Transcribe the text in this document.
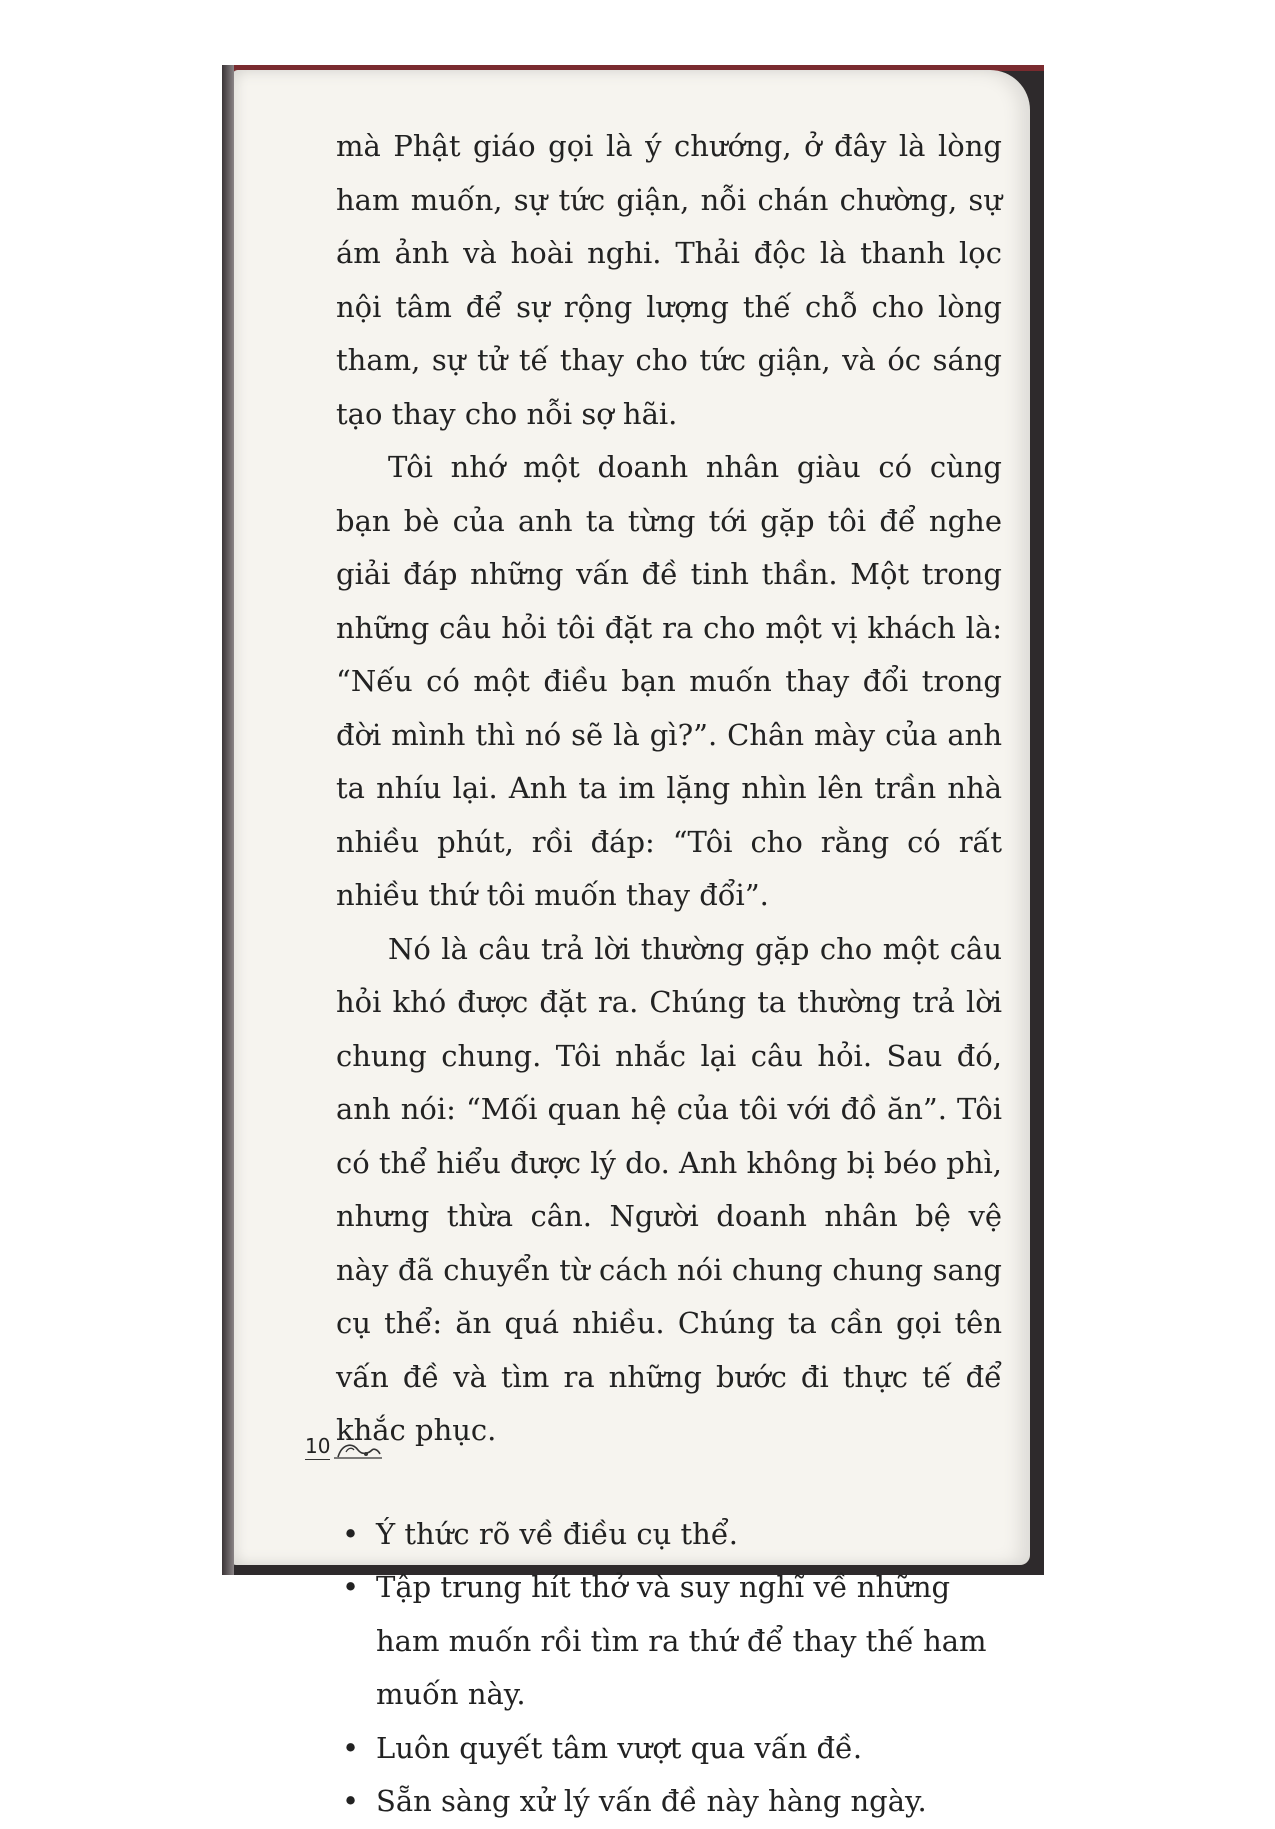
mà Phật giáo gọi là ý chướng, ở đây là lòng ham muốn, sự tức giận, nỗi chán chường, sự ám ảnh và hoài nghi. Thải độc là thanh lọc nội tâm để sự rộng lượng thế chỗ cho lòng tham, sự tử tế thay cho tức giận, và óc sáng tạo thay cho nỗi sợ hãi.

Tôi nhớ một doanh nhân giàu có cùng bạn bè của anh ta từng tới gặp tôi để nghe giải đáp những vấn đề tinh thần. Một trong những câu hỏi tôi đặt ra cho một vị khách là: “Nếu có một điều bạn muốn thay đổi trong đời mình thì nó sẽ là gì?”. Chân mày của anh ta nhíu lại. Anh ta im lặng nhìn lên trần nhà nhiều phút, rồi đáp: “Tôi cho rằng có rất nhiều thứ tôi muốn thay đổi”.

Nó là câu trả lời thường gặp cho một câu hỏi khó được đặt ra. Chúng ta thường trả lời chung chung. Tôi nhắc lại câu hỏi. Sau đó, anh nói: “Mối quan hệ của tôi với đồ ăn”. Tôi có thể hiểu được lý do. Anh không bị béo phì, nhưng thừa cân. Người doanh nhân bệ vệ này đã chuyển từ cách nói chung chung sang cụ thể: ăn quá nhiều. Chúng ta cần gọi tên vấn đề và tìm ra những bước đi thực tế để khắc phục.

• Ý thức rõ về điều cụ thể.
• Tập trung hít thở và suy nghĩ về những ham muốn rồi tìm ra thứ để thay thế ham muốn này.
• Luôn quyết tâm vượt qua vấn đề.
• Sẵn sàng xử lý vấn đề này hàng ngày.
10
